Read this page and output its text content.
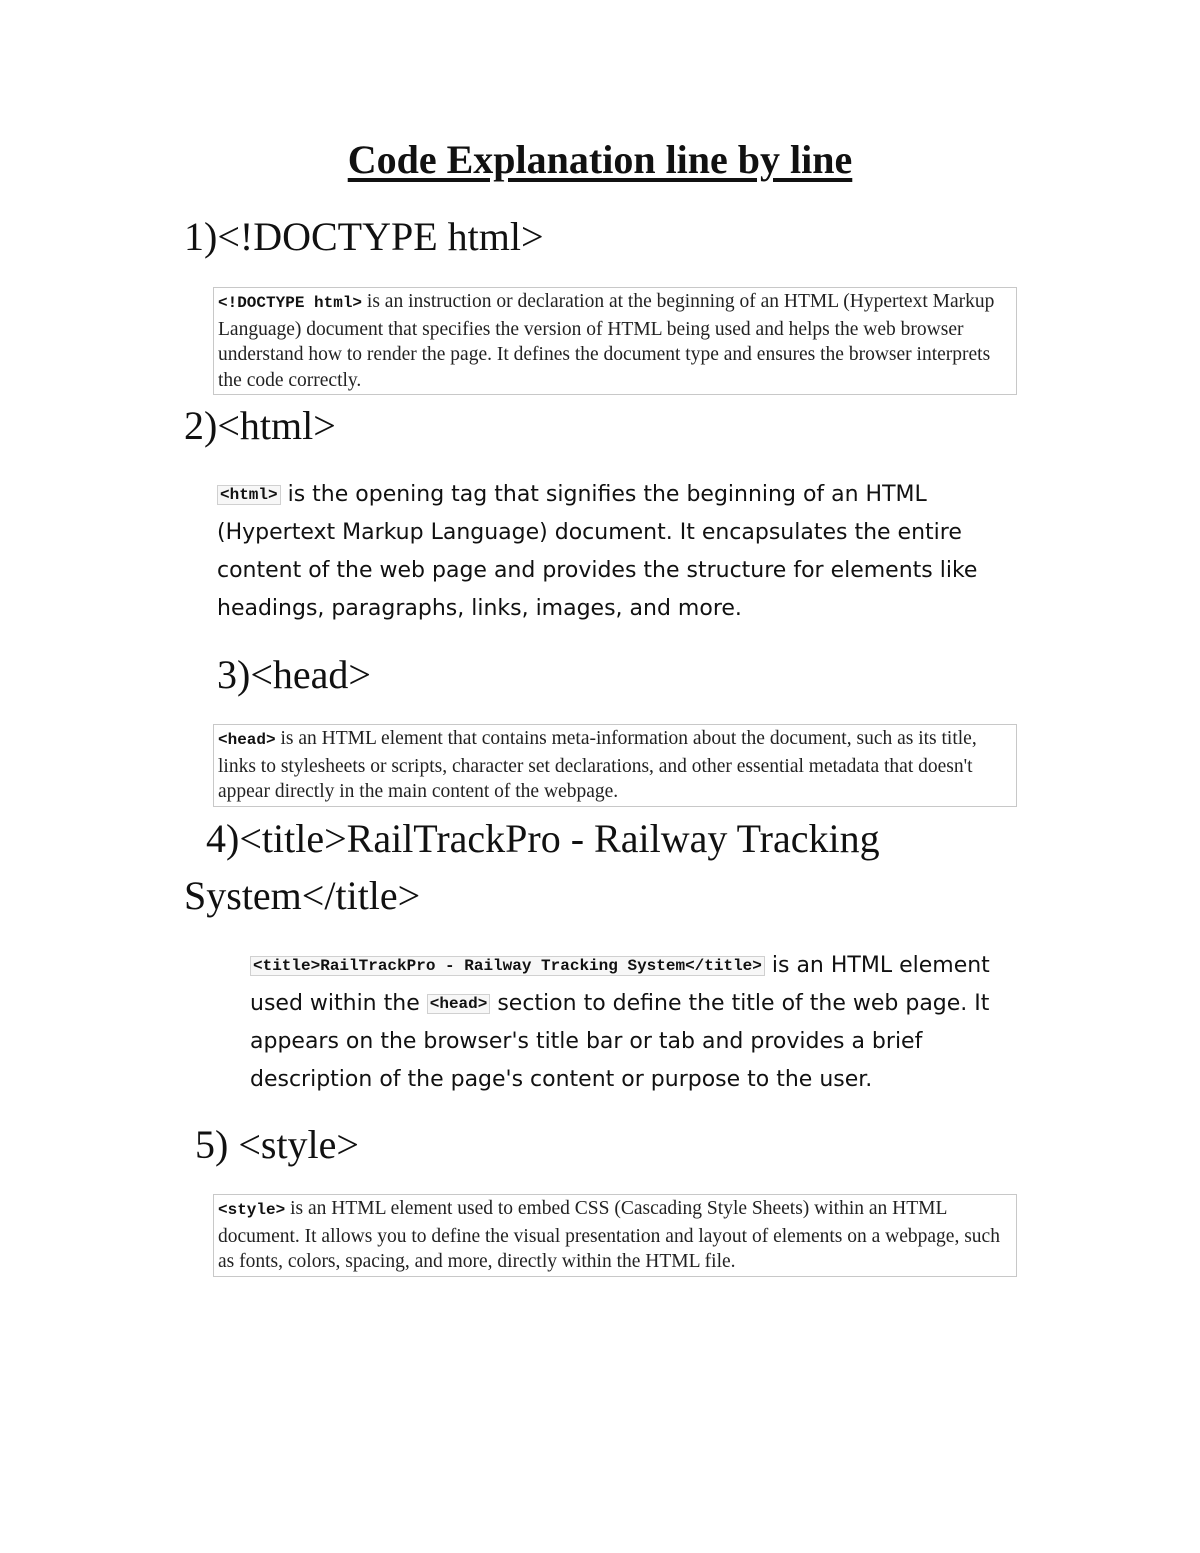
Code Explanation line by line
1)<!DOCTYPE html>
<!DOCTYPE html> is an instruction or declaration at the beginning of an HTML (Hypertext Markup Language) document that specifies the version of HTML being used and helps the web browser understand how to render the page. It defines the document type and ensures the browser interprets the code correctly.
2)<html>
<html> is the opening tag that signifies the beginning of an HTML (Hypertext Markup Language) document. It encapsulates the entire content of the web page and provides the structure for elements like headings, paragraphs, links, images, and more.
3)<head>
<head> is an HTML element that contains meta-information about the document, such as its title, links to stylesheets or scripts, character set declarations, and other essential metadata that doesn't appear directly in the main content of the webpage.
4)<title>RailTrackPro - Railway Tracking
System</title>
<title>RailTrackPro - Railway Tracking System</title> is an HTML element used within the <head> section to define the title of the web page. It appears on the browser's title bar or tab and provides a brief description of the page's content or purpose to the user.
5) <style>
<style> is an HTML element used to embed CSS (Cascading Style Sheets) within an HTML document. It allows you to define the visual presentation and layout of elements on a webpage, such as fonts, colors, spacing, and more, directly within the HTML file.
